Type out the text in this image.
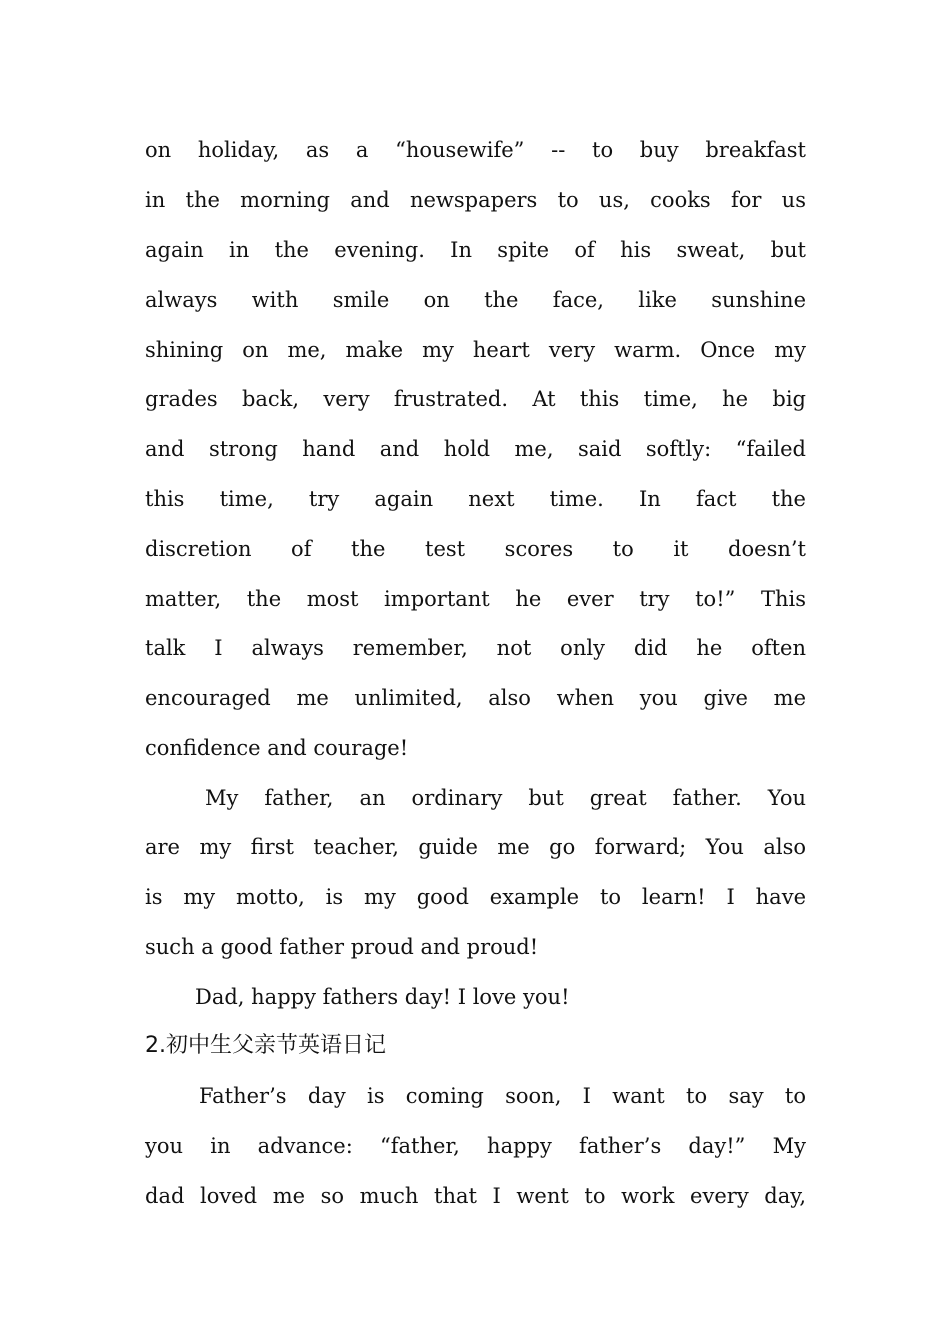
on holiday, as a “housewife” -- to buy breakfast
in the morning and newspapers to us, cooks for us
again in the evening. In spite of his sweat, but
always with smile on the face, like sunshine
shining on me, make my heart very warm. Once my
grades back, very frustrated. At this time, he big
and strong hand and hold me, said softly: “failed
this time, try again next time. In fact the
discretion of the test scores to it doesn’t
matter, the most important he ever try to!” This
talk I always remember, not only did he often
encouraged me unlimited, also when you give me
confidence and courage!
My father, an ordinary but great father. You
are my first teacher, guide me go forward; You also
is my motto, is my good example to learn! I have
such a good father proud and proud!
Dad, happy fathers day! I love you!
2.初中生父亲节英语日记
Father’s day is coming soon, I want to say to
you in advance: “father, happy father’s day!” My
dad loved me so much that I went to work every day,
